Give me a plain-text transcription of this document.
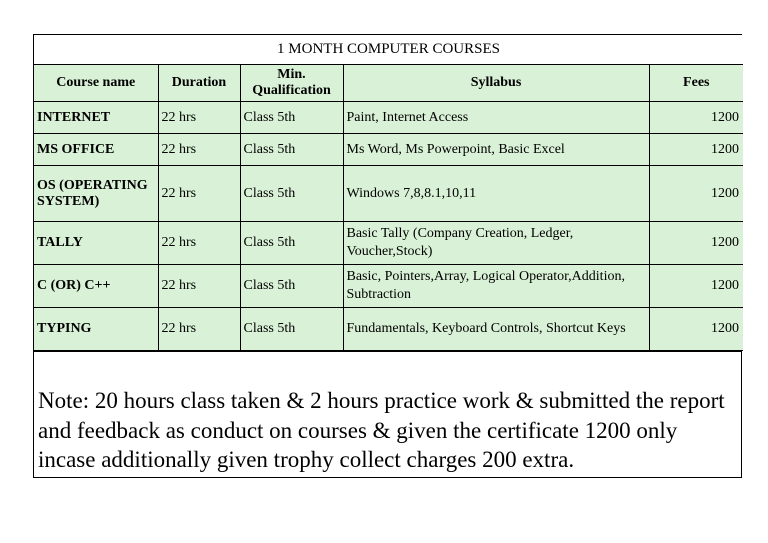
1 MONTH COMPUTER COURSES				
Course name	Duration	Min. Qualification	Syllabus	Fees
INTERNET	22 hrs	Class 5th	Paint, Internet Access	1200
MS OFFICE	22 hrs	Class 5th	Ms Word, Ms Powerpoint, Basic Excel	1200
OS (OPERATING SYSTEM)	22 hrs	Class 5th	Windows 7,8,8.1,10,11	1200
TALLY	22 hrs	Class 5th	Basic Tally (Company Creation, Ledger, Voucher,Stock)	1200
C (OR) C++	22 hrs	Class 5th	Basic, Pointers,Array, Logical Operator,Addition, Subtraction	1200
TYPING	22 hrs	Class 5th	Fundamentals, Keyboard Controls, Shortcut Keys	1200
Note: 20 hours class taken & 2 hours practice work & submitted the report and feedback as conduct on courses & given the certificate 1200 only incase additionally given trophy collect charges 200 extra.
